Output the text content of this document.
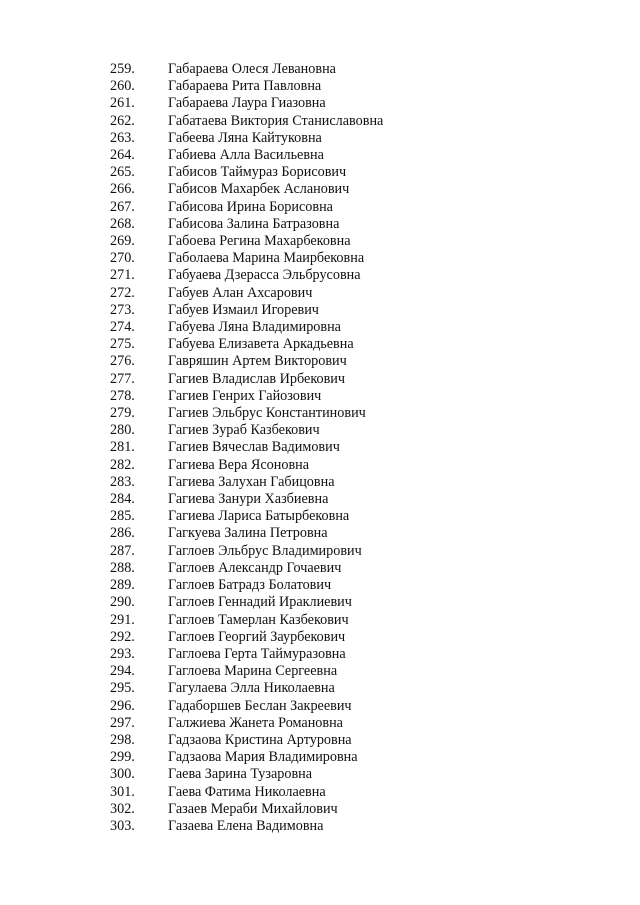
259.	Габараева Олеся Левановна
260.	Габараева Рита Павловна
261.	Габараева Лаура Гиазовна
262.	Габатаева Виктория Станиславовна
263.	Габеева Ляна Кайтуковна
264.	Габиева Алла Васильевна
265.	Габисов Таймураз Борисович
266.	Габисов Махарбек Асланович
267.	Габисова Ирина Борисовна
268.	Габисова Залина Батразовна
269.	Габоева Регина Махарбековна
270.	Габолаева Марина Маирбековна
271.	Габуаева Дзерасса Эльбрусовна
272.	Габуев Алан Ахсарович
273.	Габуев Измаил Игоревич
274.	Габуева Ляна Владимировна
275.	Габуева Елизавета Аркадьевна
276.	Гавряшин Артем Викторович
277.	Гагиев Владислав Ирбекович
278.	Гагиев Генрих Гайозович
279.	Гагиев Эльбрус Константинович
280.	Гагиев Зураб Казбекович
281.	Гагиев Вячеслав Вадимович
282.	Гагиева Вера Ясоновна
283.	Гагиева Залухан Габицовна
284.	Гагиева Занури Хазбиевна
285.	Гагиева Лариса Батырбековна
286.	Гагкуева Залина Петровна
287.	Гаглоев Эльбрус Владимирович
288.	Гаглоев Александр Гочаевич
289.	Гаглоев Батрадз Болатович
290.	Гаглоев Геннадий Ираклиевич
291.	Гаглоев Тамерлан Казбекович
292.	Гаглоев Георгий Заурбекович
293.	Гаглоева Герта Таймуразовна
294.	Гаглоева Марина Сергеевна
295.	Гагулаева Элла Николаевна
296.	Гадаборшев Беслан Закреевич
297.	Галжиева Жанета Романовна
298.	Гадзаова Кристина Артуровна
299.	Гадзаова Мария Владимировна
300.	Гаева Зарина Тузаровна
301.	Гаева Фатима Николаевна
302.	Газаев Мераби Михайлович
303.	Газаева Елена Вадимовна
